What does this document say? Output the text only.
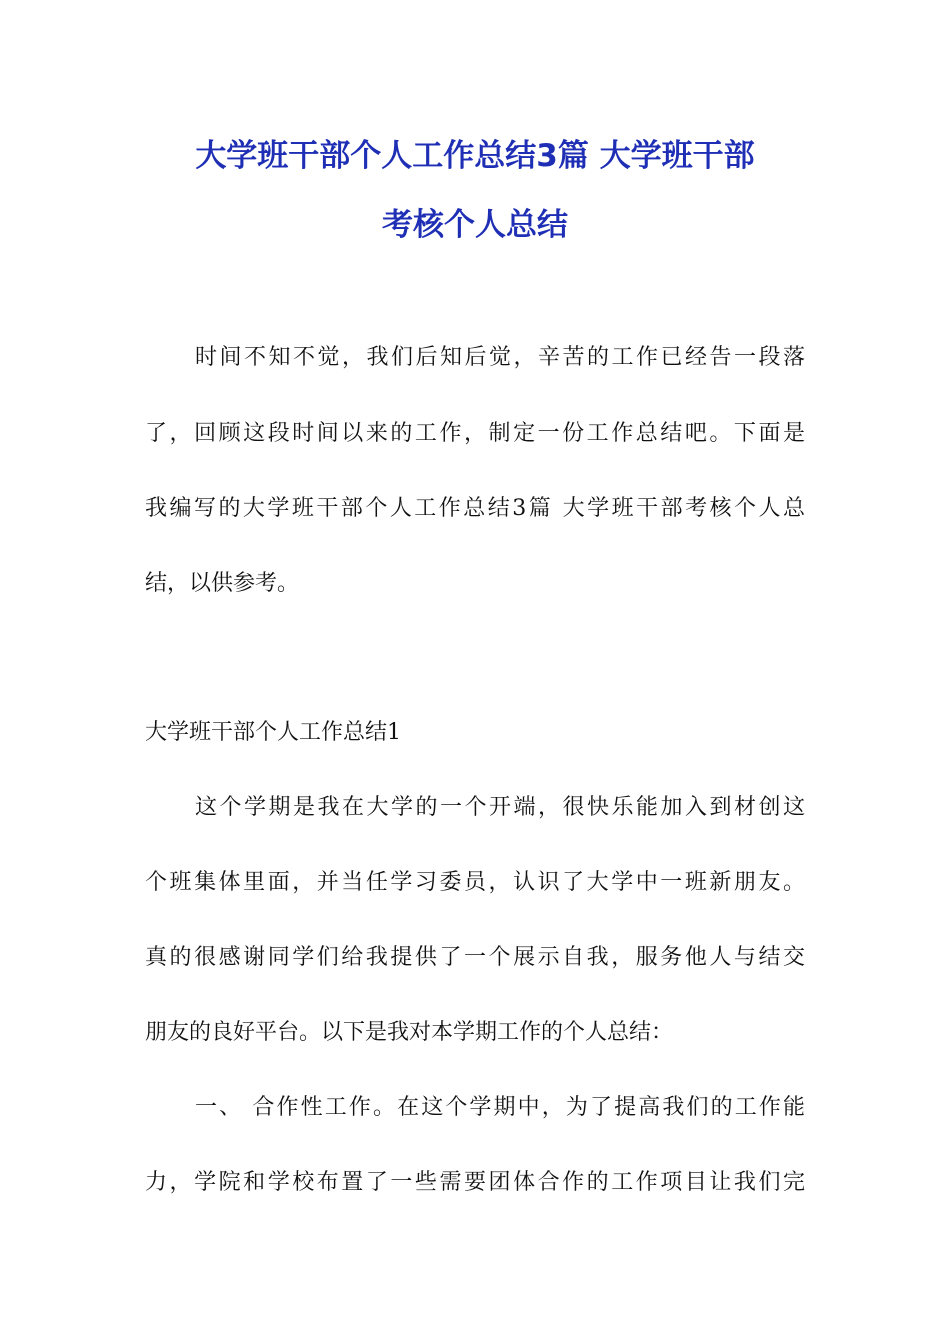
大学班干部个人工作总结3篇 大学班干部
考核个人总结
时间不知不觉，我们后知后觉，辛苦的工作已经告一段落
了，回顾这段时间以来的工作，制定一份工作总结吧。下面是
我编写的大学班干部个人工作总结3篇 大学班干部考核个人总
结，以供参考。
大学班干部个人工作总结1
这个学期是我在大学的一个开端，很快乐能加入到材创这
个班集体里面，并当任学习委员，认识了大学中一班新朋友。
真的很感谢同学们给我提供了一个展示自我，服务他人与结交
朋友的良好平台。以下是我对本学期工作的个人总结：
一、 合作性工作。在这个学期中，为了提高我们的工作能
力，学院和学校布置了一些需要团体合作的工作项目让我们完
